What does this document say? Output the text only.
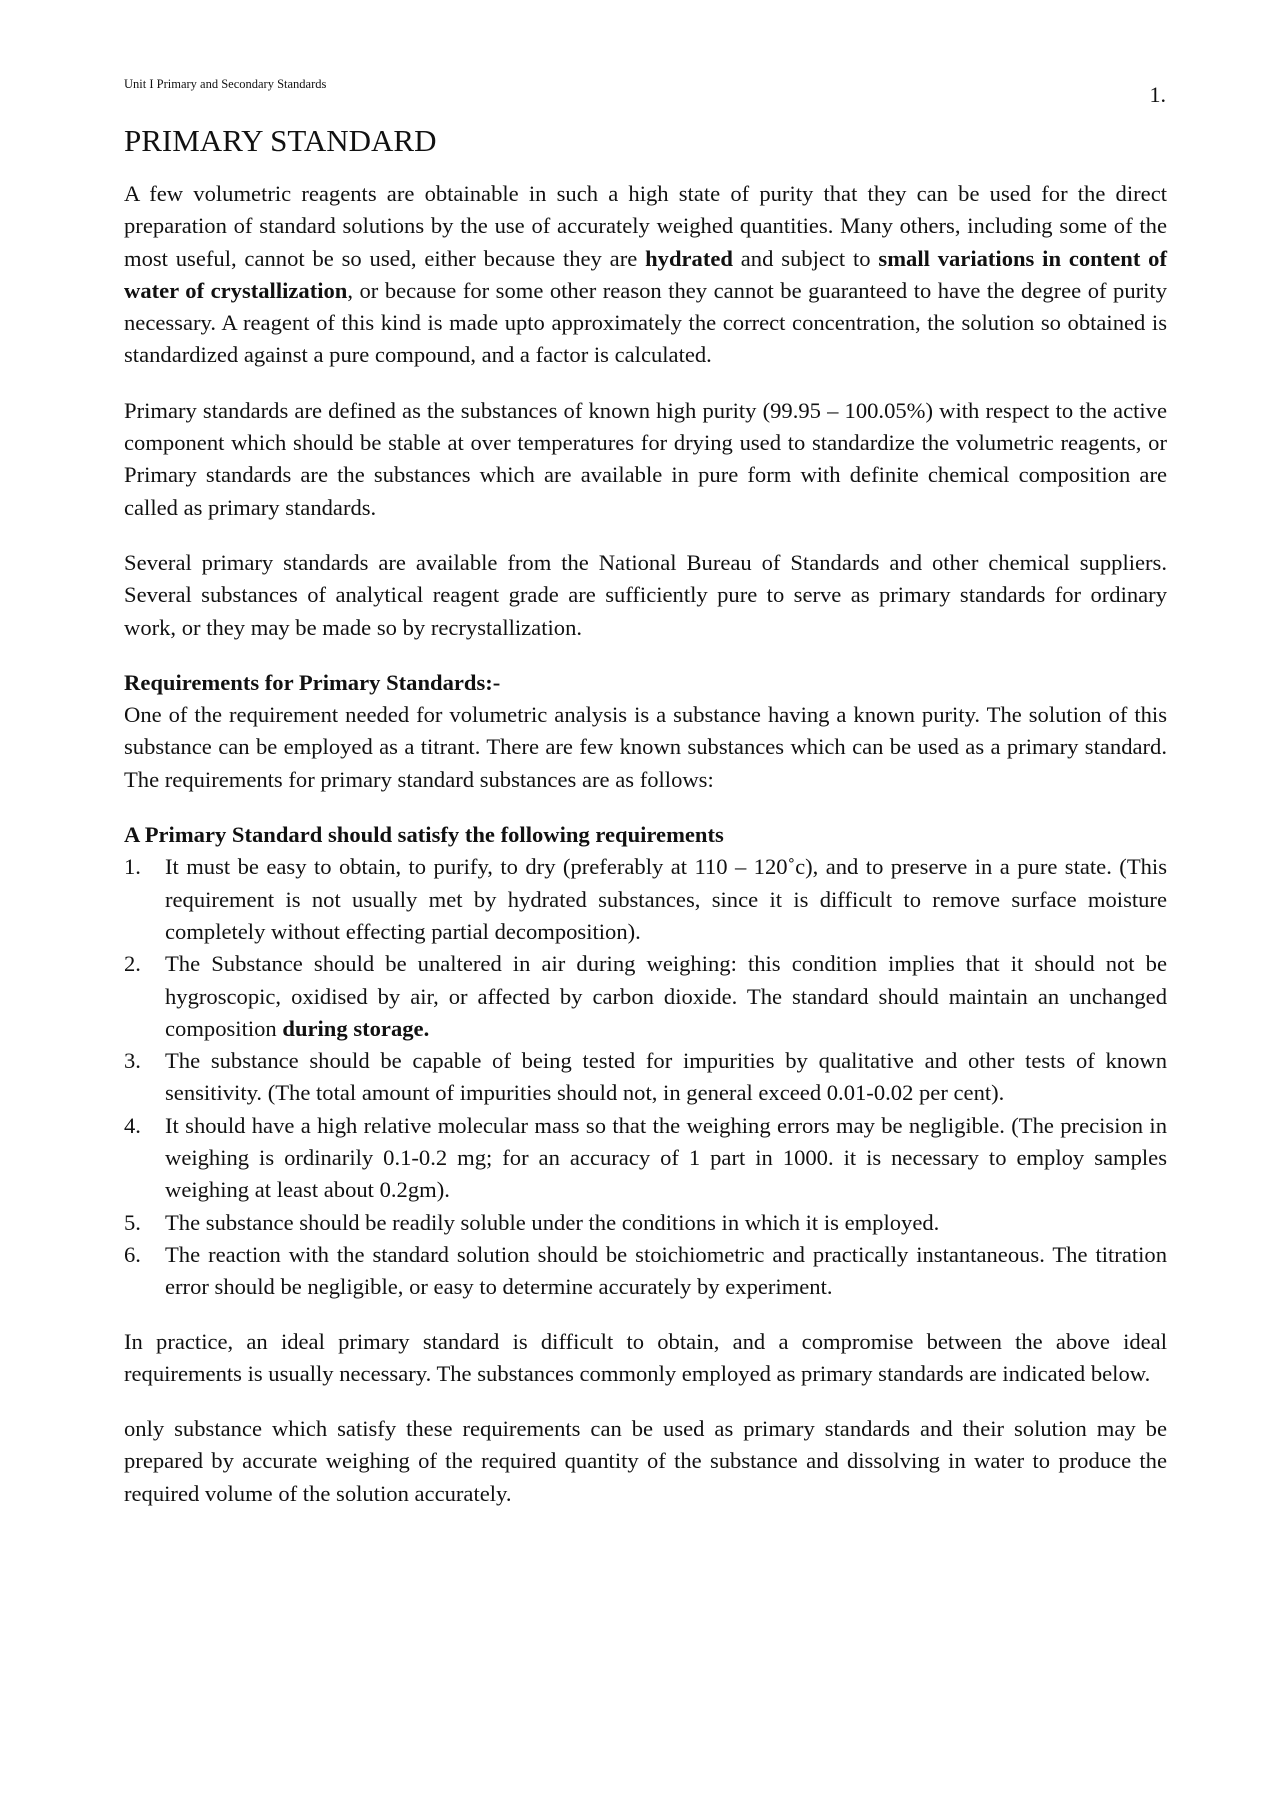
Unit I Primary and Secondary Standards	1.
PRIMARY STANDARD

A few volumetric reagents are obtainable in such a high state of purity that they can be used for the direct preparation of standard solutions by the use of accurately weighed quantities. Many others, including some of the most useful, cannot be so used, either because they are hydrated and subject to small variations in content of water of crystallization, or because for some other reason they cannot be guaranteed to have the degree of purity necessary. A reagent of this kind is made upto approximately the correct concentration, the solution so obtained is standardized against a pure compound, and a factor is calculated.

Primary standards are defined as the substances of known high purity (99.95 – 100.05%) with respect to the active component which should be stable at over temperatures for drying used to standardize the volumetric reagents, or Primary standards are the substances which are available in pure form with definite chemical composition are called as primary standards.

Several primary standards are available from the National Bureau of Standards and other chemical suppliers. Several substances of analytical reagent grade are sufficiently pure to serve as primary standards for ordinary work, or they may be made so by recrystallization.

Requirements for Primary Standards:-

One of the requirement needed for volumetric analysis is a substance having a known purity. The solution of this substance can be employed as a titrant. There are few known substances which can be used as a primary standard. The requirements for primary standard substances are as follows:

A Primary Standard should satisfy the following requirements
1. It must be easy to obtain, to purify, to dry (preferably at 110 – 120˚c), and to preserve in a pure state. (This requirement is not usually met by hydrated substances, since it is difficult to remove surface moisture completely without effecting partial decomposition).
2. The Substance should be unaltered in air during weighing: this condition implies that it should not be hygroscopic, oxidised by air, or affected by carbon dioxide. The standard should maintain an unchanged composition during storage.
3. The substance should be capable of being tested for impurities by qualitative and other tests of known sensitivity. (The total amount of impurities should not, in general exceed 0.01-0.02 per cent).
4. It should have a high relative molecular mass so that the weighing errors may be negligible. (The precision in weighing is ordinarily 0.1-0.2 mg; for an accuracy of 1 part in 1000. it is necessary to employ samples weighing at least about 0.2gm).
5. The substance should be readily soluble under the conditions in which it is employed.
6. The reaction with the standard solution should be stoichiometric and practically instantaneous. The titration error should be negligible, or easy to determine accurately by experiment.

In practice, an ideal primary standard is difficult to obtain, and a compromise between the above ideal requirements is usually necessary. The substances commonly employed as primary standards are indicated below.

only substance which satisfy these requirements can be used as primary standards and their solution may be prepared by accurate weighing of the required quantity of the substance and dissolving in water to produce the required volume of the solution accurately.
